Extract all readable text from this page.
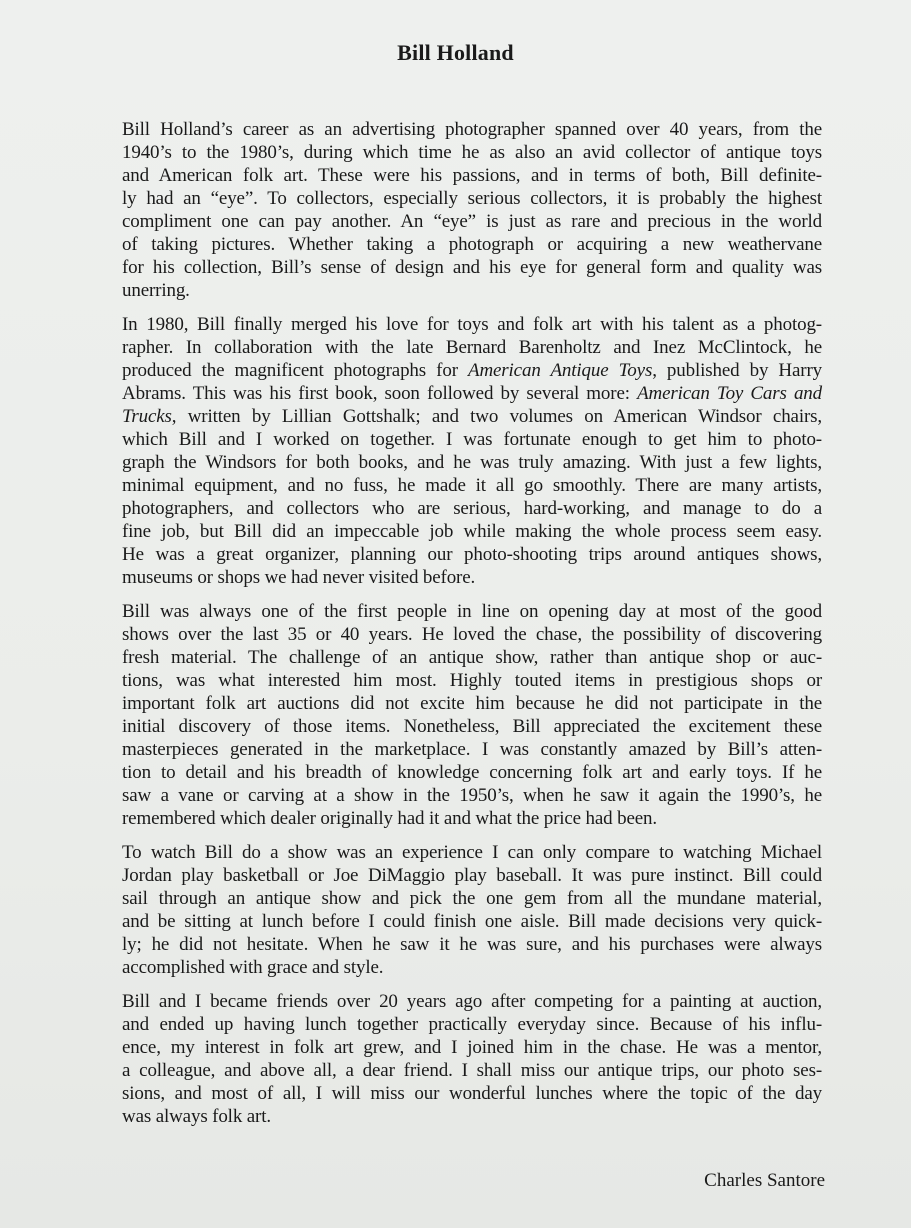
Bill Holland
Bill Holland’s career as an advertising photographer spanned over 40 years, from the
1940’s to the 1980’s, during which time he as also an avid collector of antique toys
and American folk art. These were his passions, and in terms of both, Bill definite-
ly had an “eye”. To collectors, especially serious collectors, it is probably the highest
compliment one can pay another. An “eye” is just as rare and precious in the world
of taking pictures. Whether taking a photograph or acquiring a new weathervane
for his collection, Bill’s sense of design and his eye for general form and quality was
unerring.
In 1980, Bill finally merged his love for toys and folk art with his talent as a photog-
rapher. In collaboration with the late Bernard Barenholtz and Inez McClintock, he
produced the magnificent photographs for American Antique Toys, published by Harry
Abrams. This was his first book, soon followed by several more: American Toy Cars and
Trucks, written by Lillian Gottshalk; and two volumes on American Windsor chairs,
which Bill and I worked on together. I was fortunate enough to get him to photo-
graph the Windsors for both books, and he was truly amazing. With just a few lights,
minimal equipment, and no fuss, he made it all go smoothly. There are many artists,
photographers, and collectors who are serious, hard-working, and manage to do a
fine job, but Bill did an impeccable job while making the whole process seem easy.
He was a great organizer, planning our photo-shooting trips around antiques shows,
museums or shops we had never visited before.
Bill was always one of the first people in line on opening day at most of the good
shows over the last 35 or 40 years. He loved the chase, the possibility of discovering
fresh material. The challenge of an antique show, rather than antique shop or auc-
tions, was what interested him most. Highly touted items in prestigious shops or
important folk art auctions did not excite him because he did not participate in the
initial discovery of those items. Nonetheless, Bill appreciated the excitement these
masterpieces generated in the marketplace. I was constantly amazed by Bill’s atten-
tion to detail and his breadth of knowledge concerning folk art and early toys. If he
saw a vane or carving at a show in the 1950’s, when he saw it again the 1990’s, he
remembered which dealer originally had it and what the price had been.
To watch Bill do a show was an experience I can only compare to watching Michael
Jordan play basketball or Joe DiMaggio play baseball. It was pure instinct. Bill could
sail through an antique show and pick the one gem from all the mundane material,
and be sitting at lunch before I could finish one aisle. Bill made decisions very quick-
ly; he did not hesitate. When he saw it he was sure, and his purchases were always
accomplished with grace and style.
Bill and I became friends over 20 years ago after competing for a painting at auction,
and ended up having lunch together practically everyday since. Because of his influ-
ence, my interest in folk art grew, and I joined him in the chase. He was a mentor,
a colleague, and above all, a dear friend. I shall miss our antique trips, our photo ses-
sions, and most of all, I will miss our wonderful lunches where the topic of the day
was always folk art.
Charles Santore
